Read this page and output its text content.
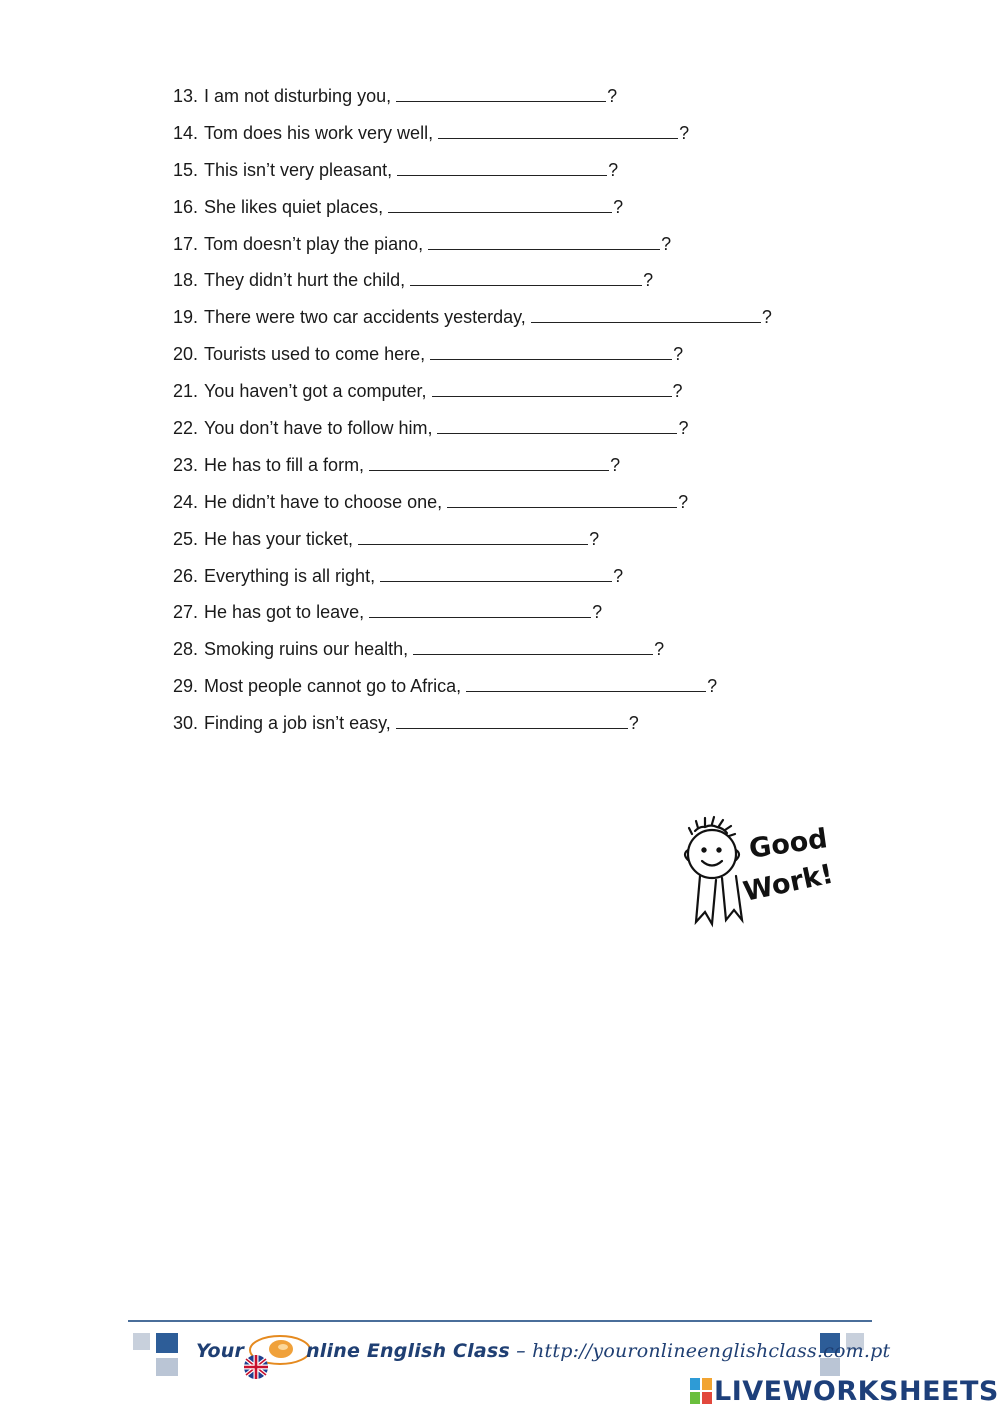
13. I am not disturbing you,	?
14. Tom does his work very well,	?
15. This isn’t very pleasant,	?
16. She likes quiet places,	?
17. Tom doesn’t play the piano,	?
18. They didn’t hurt the child,	?
19. There were two car accidents yesterday,	?
20. Tourists used to come here,	?
21. You haven’t got a computer,	?
22. You don’t have to follow him,	?
23. He has to fill a form,	?
24. He didn’t have to choose one,	?
25. He has your ticket,	?
26. Everything is all right,	?
27. He has got to leave,	?
28. Smoking ruins our health,	?
29. Most people cannot go to Africa,	?
30. Finding a job isn’t easy,	?
Good
Work!
Your	nline English Class – http://youronlineenglishclass.com.pt
LIVEWORKSHEETS
